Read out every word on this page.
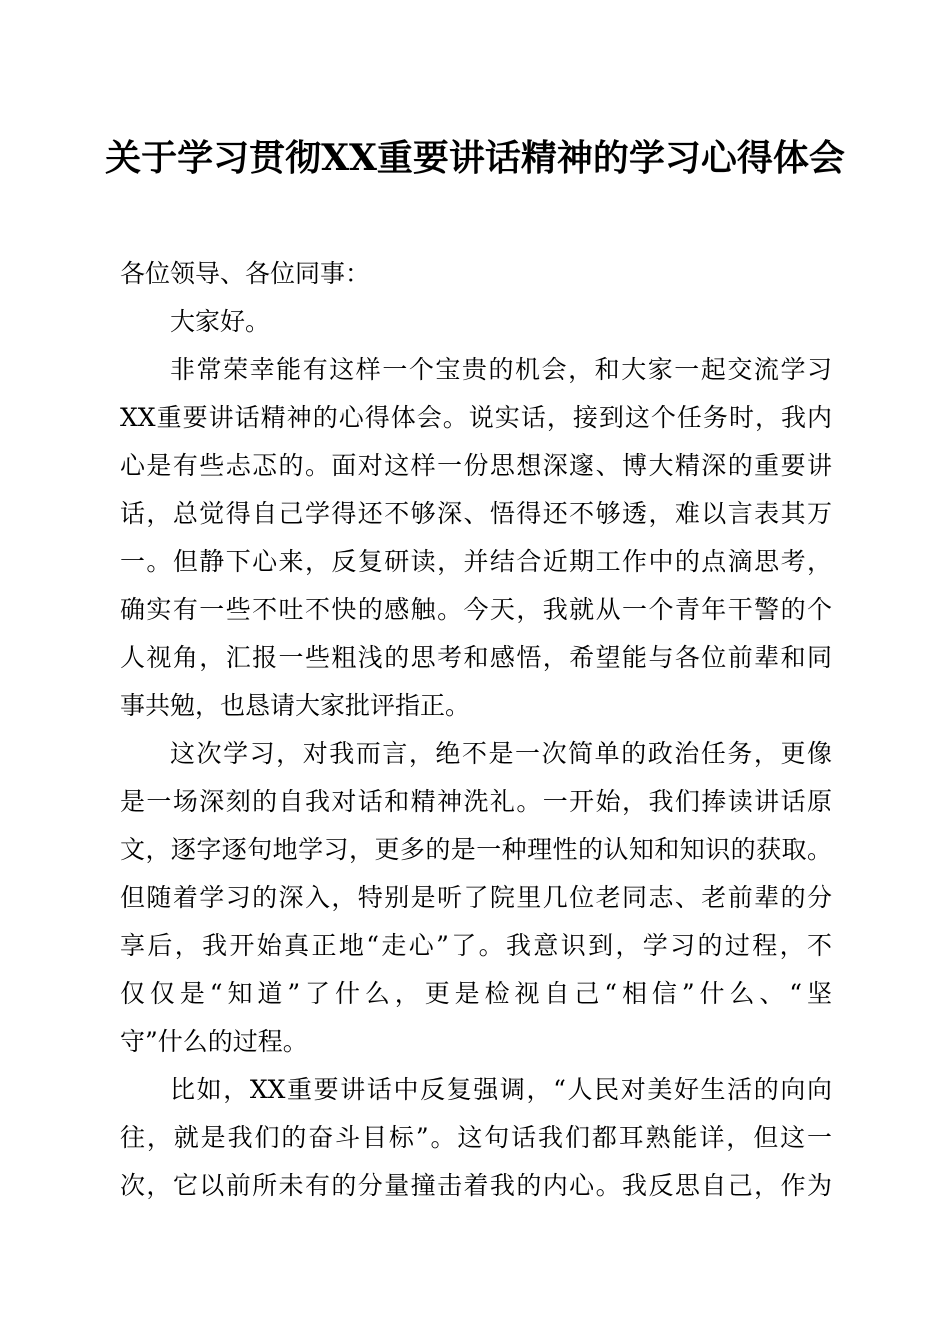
关于学习贯彻XX重要讲话精神的学习心得体会
各位领导、各位同事：
大家好。
非常荣幸能有这样一个宝贵的机会，和大家一起交流学习
XX重要讲话精神的心得体会。说实话，接到这个任务时，我内
心是有些忐忑的。面对这样一份思想深邃、博大精深的重要讲
话，总觉得自己学得还不够深、悟得还不够透，难以言表其万
一。但静下心来，反复研读，并结合近期工作中的点滴思考，
确实有一些不吐不快的感触。今天，我就从一个青年干警的个
人视角，汇报一些粗浅的思考和感悟，希望能与各位前辈和同
事共勉，也恳请大家批评指正。
这次学习，对我而言，绝不是一次简单的政治任务，更像
是一场深刻的自我对话和精神洗礼。一开始，我们捧读讲话原
文，逐字逐句地学习，更多的是一种理性的认知和知识的获取。
但随着学习的深入，特别是听了院里几位老同志、老前辈的分
享后，我开始真正地“走心”了。我意识到，学习的过程，不
仅仅是“知道”了什么，更是检视自己“相信”什么、“坚
守”什么的过程。
比如，XX重要讲话中反复强调，“人民对美好生活的向向
往，就是我们的奋斗目标”。这句话我们都耳熟能详，但这一
次，它以前所未有的分量撞击着我的内心。我反思自己，作为
